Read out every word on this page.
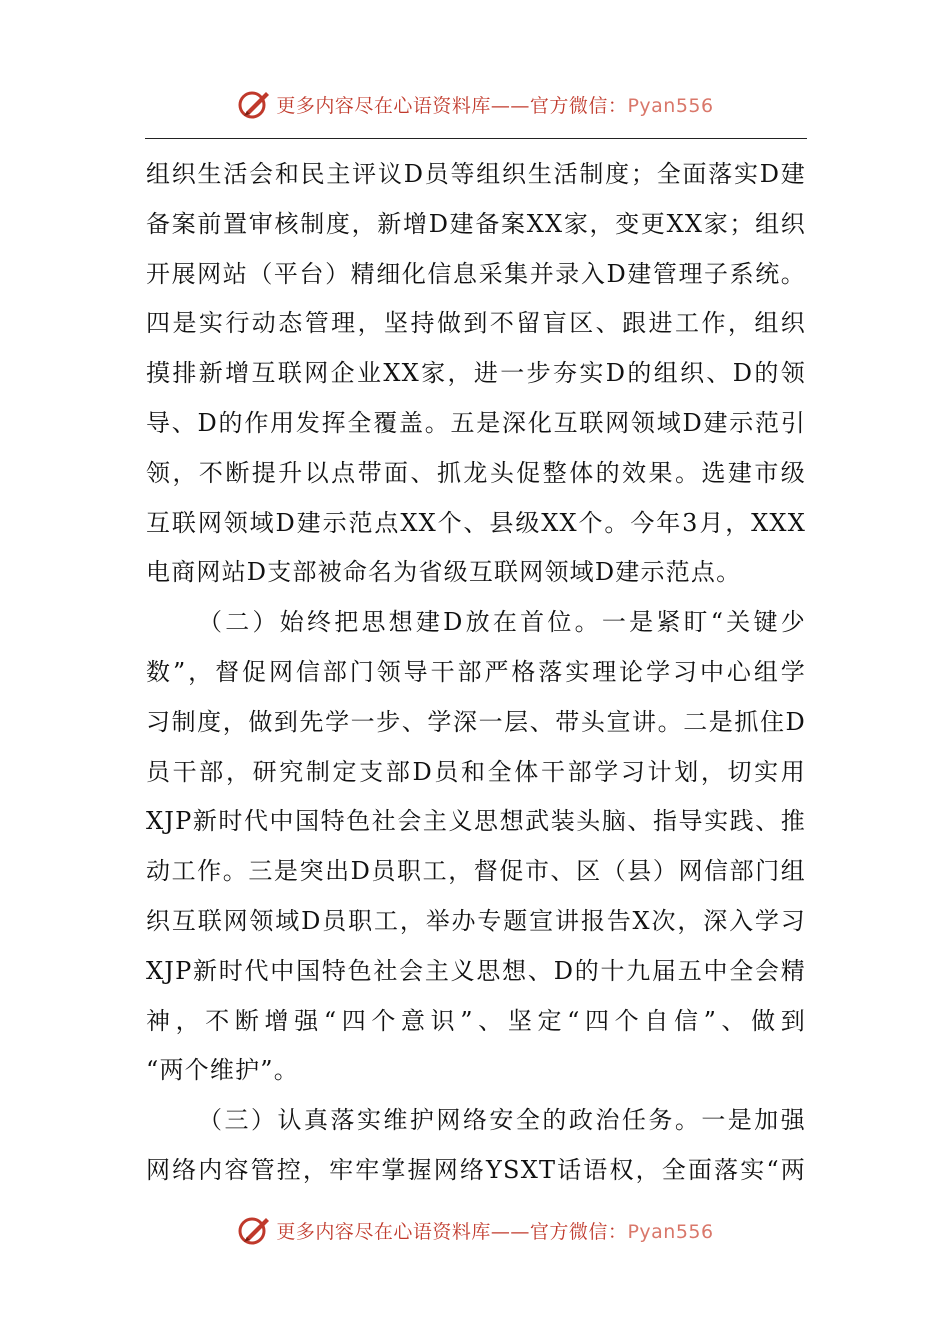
更多内容尽在心语资料库——官方微信：Pyan556
组织生活会和民主评议D员等组织生活制度；全面落实D建
备案前置审核制度，新增D建备案XX家，变更XX家；组织
开展网站（平台）精细化信息采集并录入D建管理子系统。
四是实行动态管理，坚持做到不留盲区、跟进工作，组织
摸排新增互联网企业XX家，进一步夯实D的组织、D的领
导、D的作用发挥全覆盖。五是深化互联网领域D建示范引
领，不断提升以点带面、抓龙头促整体的效果。选建市级
互联网领域D建示范点XX个、县级XX个。今年3月，XXX
电商网站D支部被命名为省级互联网领域D建示范点。
（二）始终把思想建D放在首位。一是紧盯“关键少
数”，督促网信部门领导干部严格落实理论学习中心组学
习制度，做到先学一步、学深一层、带头宣讲。二是抓住D
员干部，研究制定支部D员和全体干部学习计划，切实用
XJP新时代中国特色社会主义思想武装头脑、指导实践、推
动工作。三是突出D员职工，督促市、区（县）网信部门组
织互联网领域D员职工，举办专题宣讲报告X次，深入学习
XJP新时代中国特色社会主义思想、D的十九届五中全会精
神，不断增强“四个意识”、坚定“四个自信”、做到
“两个维护”。
（三）认真落实维护网络安全的政治任务。一是加强
网络内容管控，牢牢掌握网络YSXT话语权，全面落实“两
更多内容尽在心语资料库——官方微信：Pyan556
